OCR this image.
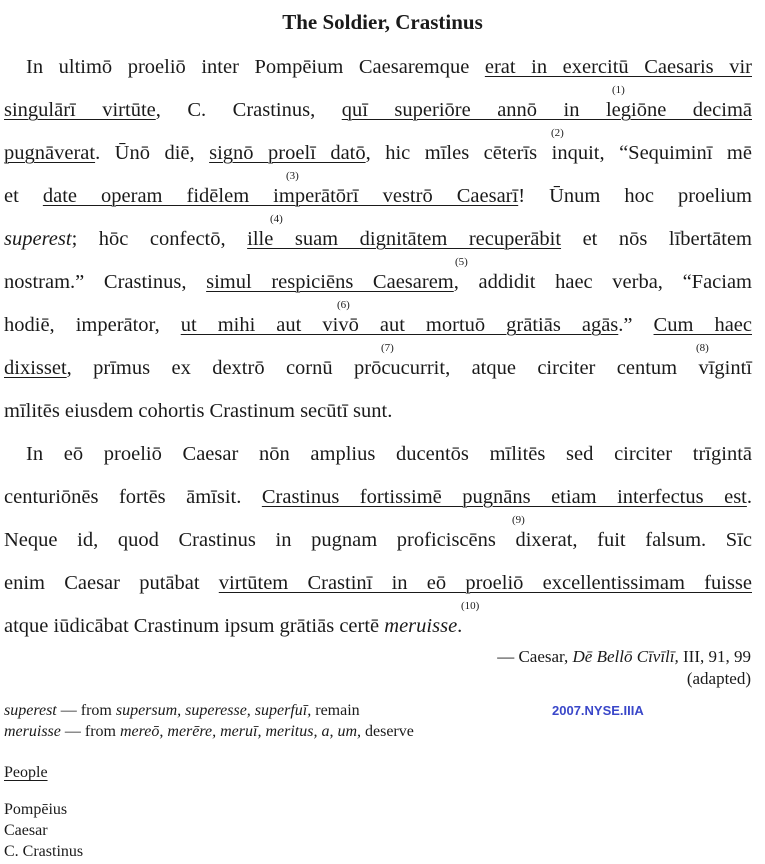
The Soldier, Crastinus
In ultimō proeliō inter Pompēium Caesaremque erat in exercitū Caesaris vir
singulārī virtūte, C. Crastinus, quī superiōre annō in legiōne decimā
pugnāverat. Ūnō diē, signō proelī datō, hic mīles cēterīs inquit, “Sequiminī mē
et date operam fidēlem imperātōrī vestrō Caesarī! Ūnum hoc proelium
superest; hōc confectō, ille suam dignitātem recuperābit et nōs lībertātem
nostram.” Crastinus, simul respiciēns Caesarem, addidit haec verba, “Faciam
hodiē, imperātor, ut mihi aut vivō aut mortuō grātiās agās.” Cum haec
dixisset, prīmus ex dextrō cornū prōcucurrit, atque circiter centum vīgintī
mīlitēs eiusdem cohortis Crastinum secūtī sunt.
In eō proeliō Caesar nōn amplius ducentōs mīlitēs sed circiter trīgintā
centuriōnēs fortēs āmīsit. Crastinus fortissimē pugnāns etiam interfectus est.
Neque id, quod Crastinus in pugnam proficiscēns dixerat, fuit falsum. Sīc
enim Caesar putābat virtūtem Crastinī in eō proeliō excellentissimam fuisse
atque iūdicābat Crastinum ipsum grātiās certē meruisse.
(1)
(2)
(3)
(4)
(5)
(6)
(7)	(8)
(9)
(10)
— Caesar, Dē Bellō Cīvīlī, III, 91, 99
(adapted)
superest — from supersum, superesse, superfuī, remain
meruisse — from mereō, merēre, meruī, meritus, a, um, deserve
2007.NYSE.IIIA
People
Pompēius
Caesar
C. Crastinus
